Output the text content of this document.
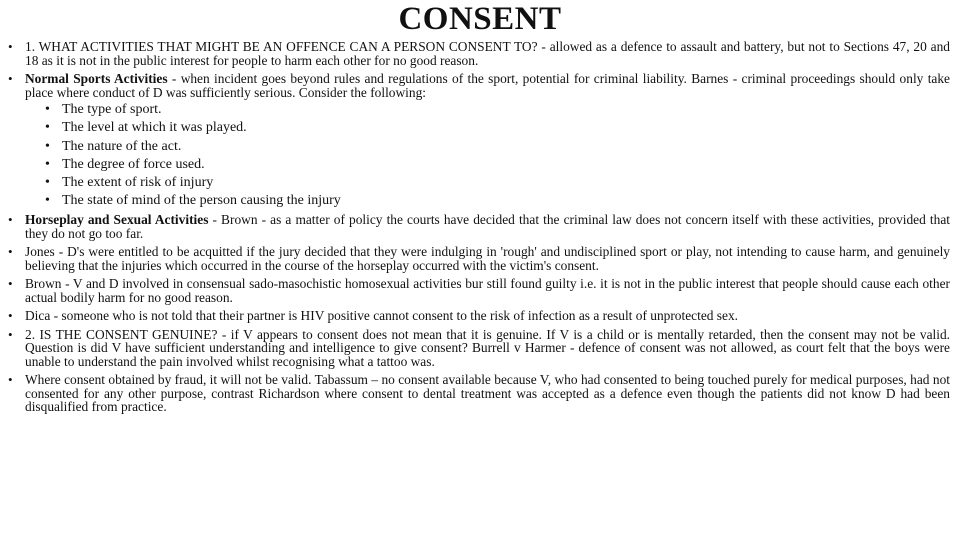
CONSENT
• 1. WHAT ACTIVITIES THAT MIGHT BE AN OFFENCE CAN A PERSON CONSENT TO? - allowed as a defence to assault and battery, but not to Sections 47, 20 and 18 as it is not in the public interest for people to harm each other for no good reason.
• Normal Sports Activities - when incident goes beyond rules and regulations of the sport, potential for criminal liability. Barnes - criminal proceedings should only take place where conduct of D was sufficiently serious. Consider the following:
• The type of sport.
• The level at which it was played.
• The nature of the act.
• The degree of force used.
• The extent of risk of injury
• The state of mind of the person causing the injury
• Horseplay and Sexual Activities - Brown - as a matter of policy the courts have decided that the criminal law does not concern itself with these activities, provided that they do not go too far.
• Jones - D's were entitled to be acquitted if the jury decided that they were indulging in 'rough' and undisciplined sport or play, not intending to cause harm, and genuinely believing that the injuries which occurred in the course of the horseplay occurred with the victim's consent.
• Brown - V and D involved in consensual sado-masochistic homosexual activities bur still found guilty i.e. it is not in the public interest that people should cause each other actual bodily harm for no good reason.
• Dica - someone who is not told that their partner is HIV positive cannot consent to the risk of infection as a result of unprotected sex.
• 2. IS THE CONSENT GENUINE? - if V appears to consent does not mean that it is genuine. If V is a child or is mentally retarded, then the consent may not be valid. Question is did V have sufficient understanding and intelligence to give consent? Burrell v Harmer - defence of consent was not allowed, as court felt that the boys were unable to understand the pain involved whilst recognising what a tattoo was.
• Where consent obtained by fraud, it will not be valid. Tabassum – no consent available because V, who had consented to being touched purely for medical purposes, had not consented for any other purpose, contrast Richardson where consent to dental treatment was accepted as a defence even though the patients did not know D had been disqualified from practice.
